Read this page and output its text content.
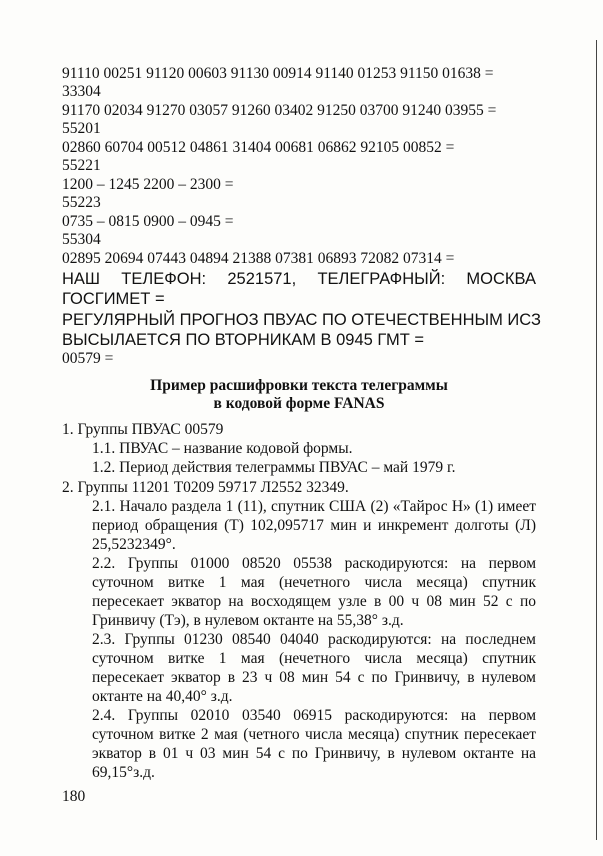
91110 00251 91120 00603 91130 00914 91140 01253 91150 01638 =
33304
91170 02034 91270 03057 91260 03402 91250 03700 91240 03955 =
55201
02860 60704 00512 04861 31404 00681 06862 92105 00852 =
55221
1200 – 1245 2200 – 2300 =
55223
0735 – 0815 0900 – 0945 =
55304
02895 20694 07443 04894 21388 07381 06893 72082 07314 =
НАШ ТЕЛЕФОН: 2521571, ТЕЛЕГРАФНЫЙ: МОСКВА
ГОСГИМЕТ =
РЕГУЛЯРНЫЙ ПРОГНОЗ ПВУАС ПО ОТЕЧЕСТВЕННЫМ ИСЗ
ВЫСЫЛАЕТСЯ ПО ВТОРНИКАМ В 0945 ГМТ =
00579 =
Пример расшифровки текста телеграммы
в кодовой форме FANAS
1. Группы ПВУАС 00579
1.1. ПВУАС – название кодовой формы.
1.2. Период действия телеграммы ПВУАС – май 1979 г.
2. Группы 11201 Т0209 59717 Л2552 32349.
2.1. Начало раздела 1 (11), спутник США (2) «Тайрос Н» (1) имеет период обращения (Т) 102,095717 мин и инкремент долготы (Л) 25,5232349°.
2.2. Группы 01000 08520 05538 раскодируются: на первом суточном витке 1 мая (нечетного числа месяца) спутник пересекает экватор на восходящем узле в 00 ч 08 мин 52 с по Гринвичу (Тэ), в нулевом октанте на 55,38° з.д.
2.3. Группы 01230 08540 04040 раскодируются: на последнем суточном витке 1 мая (нечетного числа месяца) спутник пересекает экватор в 23 ч 08 мин 54 с по Гринвичу, в нулевом октанте на 40,40° з.д.
2.4. Группы 02010 03540 06915 раскодируются: на первом суточном витке 2 мая (четного числа месяца) спутник пересекает экватор в 01 ч 03 мин 54 с по Гринвичу, в нулевом октанте на 69,15°з.д.
180
